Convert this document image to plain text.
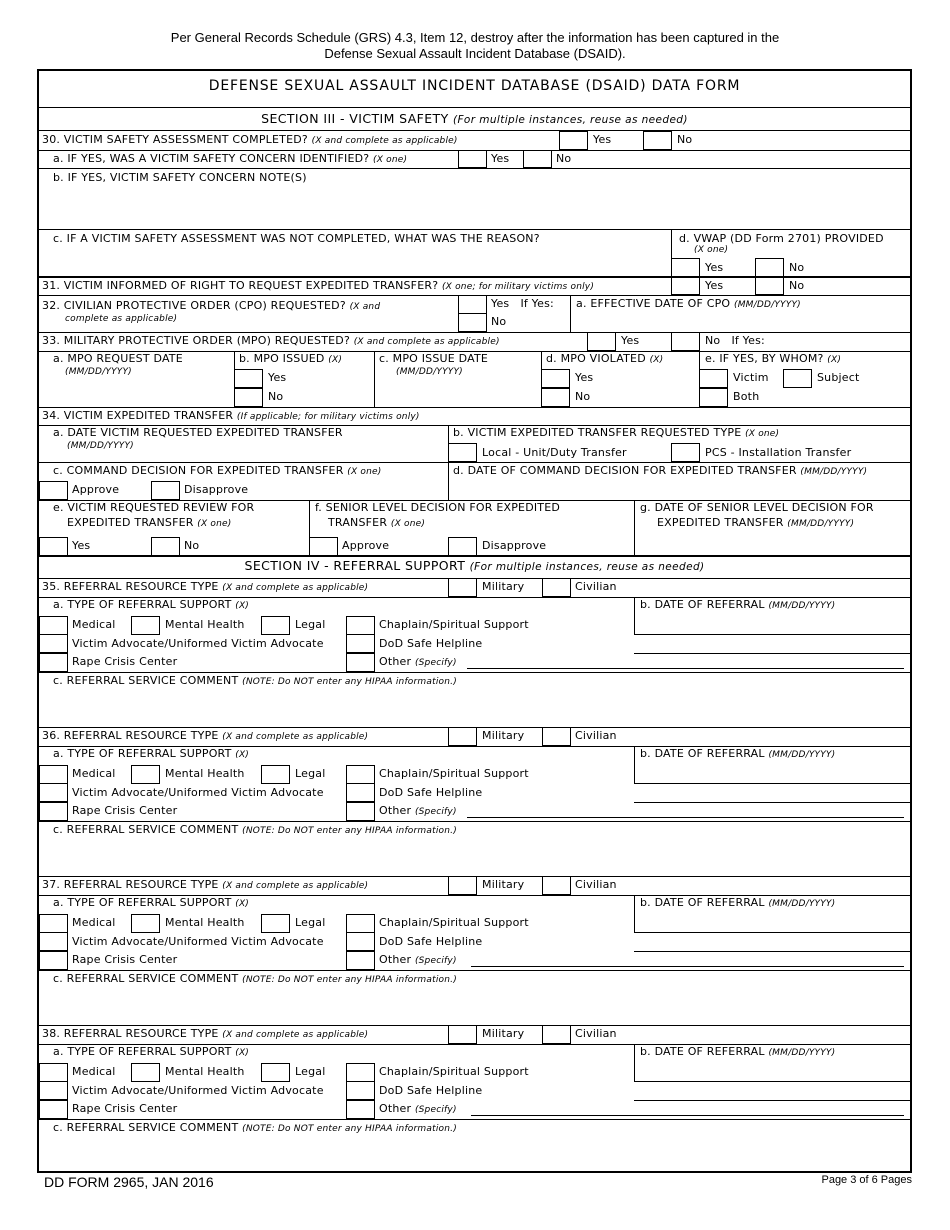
Per General Records Schedule (GRS) 4.3, Item 12, destroy after the information has been captured in the
Defense Sexual Assault Incident Database (DSAID).
DEFENSE SEXUAL ASSAULT INCIDENT DATABASE (DSAID) DATA FORM
SECTION III - VICTIM SAFETY (For multiple instances, reuse as needed)
30. VICTIM SAFETY ASSESSMENT COMPLETED? (X and complete as applicable)	Yes	No
a. IF YES, WAS A VICTIM SAFETY CONCERN IDENTIFIED? (X one)	Yes	No
b. IF YES, VICTIM SAFETY CONCERN NOTE(S)
c. IF A VICTIM SAFETY ASSESSMENT WAS NOT COMPLETED, WHAT WAS THE REASON?	d. VWAP (DD Form 2701) PROVIDED
(X one)
Yes	No
31. VICTIM INFORMED OF RIGHT TO REQUEST EXPEDITED TRANSFER? (X one; for military victims only)	Yes	No
32. CIVILIAN PROTECTIVE ORDER (CPO) REQUESTED? (X and
complete as applicable)
Yes If Yes:
No
a. EFFECTIVE DATE OF CPO (MM/DD/YYYY)
33. MILITARY PROTECTIVE ORDER (MPO) REQUESTED? (X and complete as applicable)	Yes	No If Yes:
a. MPO REQUEST DATE
(MM/DD/YYYY)
b. MPO ISSUED (X)
Yes
No
c. MPO ISSUE DATE
(MM/DD/YYYY)
d. MPO VIOLATED (X)
Yes
No
e. IF YES, BY WHOM? (X)
Victim	Subject
Both
34. VICTIM EXPEDITED TRANSFER (If applicable; for military victims only)
a. DATE VICTIM REQUESTED EXPEDITED TRANSFER
(MM/DD/YYYY)
b. VICTIM EXPEDITED TRANSFER REQUESTED TYPE (X one)
Local - Unit/Duty Transfer	PCS - Installation Transfer
c. COMMAND DECISION FOR EXPEDITED TRANSFER (X one)
Approve	Disapprove
d. DATE OF COMMAND DECISION FOR EXPEDITED TRANSFER (MM/DD/YYYY)
e. VICTIM REQUESTED REVIEW FOR
EXPEDITED TRANSFER (X one)
Yes	No
f. SENIOR LEVEL DECISION FOR EXPEDITED
TRANSFER (X one)
Approve	Disapprove
g. DATE OF SENIOR LEVEL DECISION FOR
EXPEDITED TRANSFER (MM/DD/YYYY)
SECTION IV - REFERRAL SUPPORT (For multiple instances, reuse as needed)
35. REFERRAL RESOURCE TYPE (X and complete as applicable)	Military	Civilian
a. TYPE OF REFERRAL SUPPORT (X)	b. DATE OF REFERRAL (MM/DD/YYYY)
Medical	Mental Health	Legal	Chaplain/Spiritual Support
Victim Advocate/Uniformed Victim Advocate	DoD Safe Helpline
Rape Crisis Center	Other (Specify)
c. REFERRAL SERVICE COMMENT (NOTE: Do NOT enter any HIPAA information.)
36. REFERRAL RESOURCE TYPE (X and complete as applicable)	Military	Civilian
a. TYPE OF REFERRAL SUPPORT (X)	b. DATE OF REFERRAL (MM/DD/YYYY)
Medical	Mental Health	Legal	Chaplain/Spiritual Support
Victim Advocate/Uniformed Victim Advocate	DoD Safe Helpline
Rape Crisis Center	Other (Specify)
c. REFERRAL SERVICE COMMENT (NOTE: Do NOT enter any HIPAA information.)
37. REFERRAL RESOURCE TYPE (X and complete as applicable)	Military	Civilian
a. TYPE OF REFERRAL SUPPORT (X)	b. DATE OF REFERRAL (MM/DD/YYYY)
Medical	Mental Health	Legal	Chaplain/Spiritual Support
Victim Advocate/Uniformed Victim Advocate	DoD Safe Helpline
Rape Crisis Center	Other (Specify)
c. REFERRAL SERVICE COMMENT (NOTE: Do NOT enter any HIPAA information.)
38. REFERRAL RESOURCE TYPE (X and complete as applicable)	Military	Civilian
a. TYPE OF REFERRAL SUPPORT (X)	b. DATE OF REFERRAL (MM/DD/YYYY)
Medical	Mental Health	Legal	Chaplain/Spiritual Support
Victim Advocate/Uniformed Victim Advocate	DoD Safe Helpline
Rape Crisis Center	Other (Specify)
c. REFERRAL SERVICE COMMENT (NOTE: Do NOT enter any HIPAA information.)
DD FORM 2965, JAN 2016	Page 3 of 6 Pages
